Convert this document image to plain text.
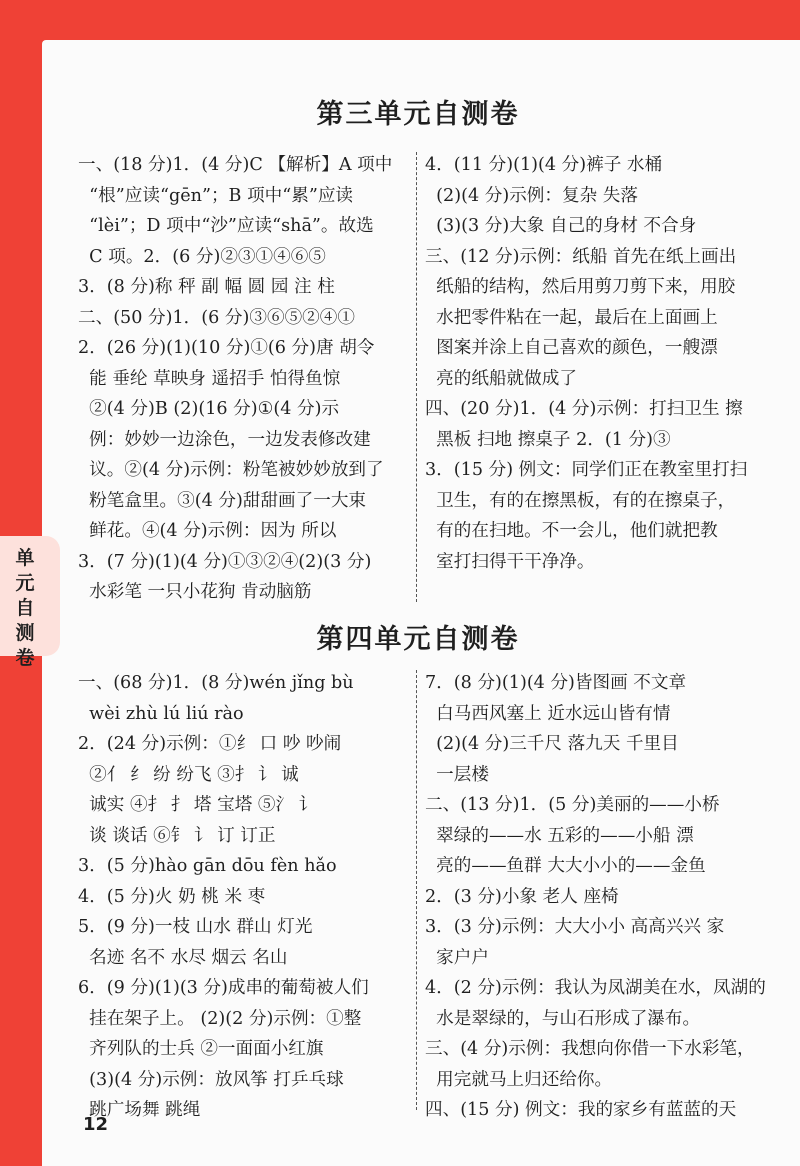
单元自测卷
第三单元自测卷
一、(18 分)1．(4 分)C 【解析】A 项中
“根”应读“gēn”；B 项中“累”应读
“lèi”；D 项中“沙”应读“shā”。故选
C 项。2．(6 分)②③①④⑥⑤
3．(8 分)称 秤 副 幅 圆 园 注 柱
二、(50 分)1．(6 分)③⑥⑤②④①
2．(26 分)(1)(10 分)①(6 分)唐 胡令
能 垂纶 草映身 遥招手 怕得鱼惊
②(4 分)B (2)(16 分)①(4 分)示
例：妙妙一边涂色，一边发表修改建
议。②(4 分)示例：粉笔被妙妙放到了
粉笔盒里。③(4 分)甜甜画了一大束
鲜花。④(4 分)示例：因为 所以
3．(7 分)(1)(4 分)①③②④(2)(3 分)
水彩笔 一只小花狗 肯动脑筋
4．(11 分)(1)(4 分)裤子 水桶
(2)(4 分)示例：复杂 失落
(3)(3 分)大象 自己的身材 不合身
三、(12 分)示例：纸船 首先在纸上画出
纸船的结构，然后用剪刀剪下来，用胶
水把零件粘在一起，最后在上面画上
图案并涂上自己喜欢的颜色，一艘漂
亮的纸船就做成了
四、(20 分)1．(4 分)示例：打扫卫生 擦
黑板 扫地 擦桌子 2．(1 分)③
3．(15 分) 例文：同学们正在教室里打扫
卫生，有的在擦黑板，有的在擦桌子，
有的在扫地。不一会儿，他们就把教
室打扫得干干净净。
第四单元自测卷
一、(68 分)1．(8 分)wén jǐng bù
wèi zhù lú liú rào
2．(24 分)示例：①纟 口 吵 吵闹
②亻 纟 纷 纷飞 ③扌 讠 诚
诚实 ④扌 扌 塔 宝塔 ⑤氵 讠
谈 谈话 ⑥钅 讠 订 订正
3．(5 分)hào gān dōu fèn hǎo
4．(5 分)火 奶 桃 米 枣
5．(9 分)一枝 山水 群山 灯光
名迹 名不 水尽 烟云 名山
6．(9 分)(1)(3 分)成串的葡萄被人们
挂在架子上。 (2)(2 分)示例：①整
齐列队的士兵 ②一面面小红旗
(3)(4 分)示例：放风筝 打乒乓球
跳广场舞 跳绳
7．(8 分)(1)(4 分)皆图画 不文章
白马西风塞上 近水远山皆有情
(2)(4 分)三千尺 落九天 千里目
一层楼
二、(13 分)1．(5 分)美丽的——小桥
翠绿的——水 五彩的——小船 漂
亮的——鱼群 大大小小的——金鱼
2．(3 分)小象 老人 座椅
3．(3 分)示例：大大小小 高高兴兴 家
家户户
4．(2 分)示例：我认为凤湖美在水，凤湖的
水是翠绿的，与山石形成了瀑布。
三、(4 分)示例：我想向你借一下水彩笔，
用完就马上归还给你。
四、(15 分) 例文：我的家乡有蓝蓝的天
12
